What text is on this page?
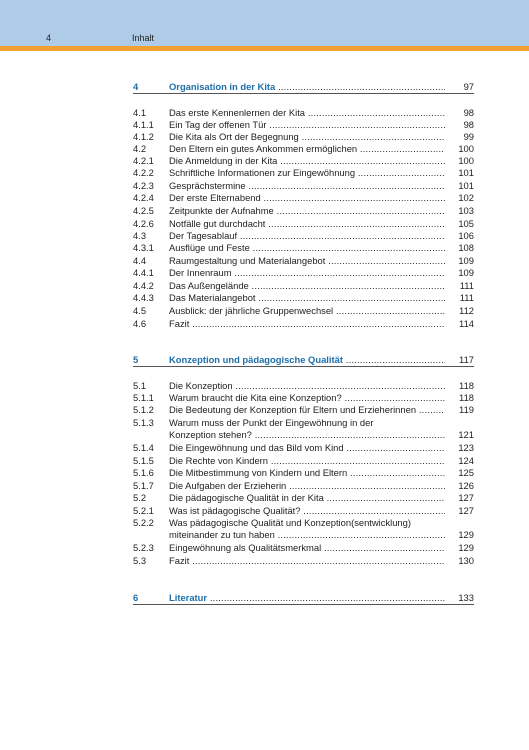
4	Inhalt
4	Organisation in der Kita .....	97
4.1	Das erste Kennenlernen der Kita .....	98
4.1.1	Ein Tag der offenen Tür .....	98
4.1.2	Die Kita als Ort der Begegnung .....	99
4.2	Den Eltern ein gutes Ankommen ermöglichen .....	100
4.2.1	Die Anmeldung in der Kita .....	100
4.2.2	Schriftliche Informationen zur Eingewöhnung .....	101
4.2.3	Gesprächstermine .....	101
4.2.4	Der erste Elternabend .....	102
4.2.5	Zeitpunkte der Aufnahme .....	103
4.2.6	Notfälle gut durchdacht .....	105
4.3	Der Tagesablauf .....	106
4.3.1	Ausflüge und Feste .....	108
4.4	Raumgestaltung und Materialangebot .....	109
4.4.1	Der Innenraum .....	109
4.4.2	Das Außengelände .....	111
4.4.3	Das Materialangebot .....	111
4.5	Ausblick: der jährliche Gruppenwechsel .....	112
4.6	Fazit .....	114
5	Konzeption und pädagogische Qualität .....	117
5.1	Die Konzeption .....	118
5.1.1	Warum braucht die Kita eine Konzeption? .....	118
5.1.2	Die Bedeutung der Konzeption für Eltern und Erzieherinnen .....	119
5.1.3	Warum muss der Punkt der Eingewöhnung in der
Konzeption stehen? .....	121
5.1.4	Die Eingewöhnung und das Bild vom Kind .....	123
5.1.5	Die Rechte von Kindern .....	124
5.1.6	Die Mitbestimmung von Kindern und Eltern .....	125
5.1.7	Die Aufgaben der Erzieherin .....	126
5.2	Die pädagogische Qualität in der Kita .....	127
5.2.1	Was ist pädagogische Qualität? .....	127
5.2.2	Was pädagogische Qualität und Konzeption(sentwicklung)
miteinander zu tun haben .....	129
5.2.3	Eingewöhnung als Qualitätsmerkmal .....	129
5.3	Fazit .....	130
6	Literatur .....	133
